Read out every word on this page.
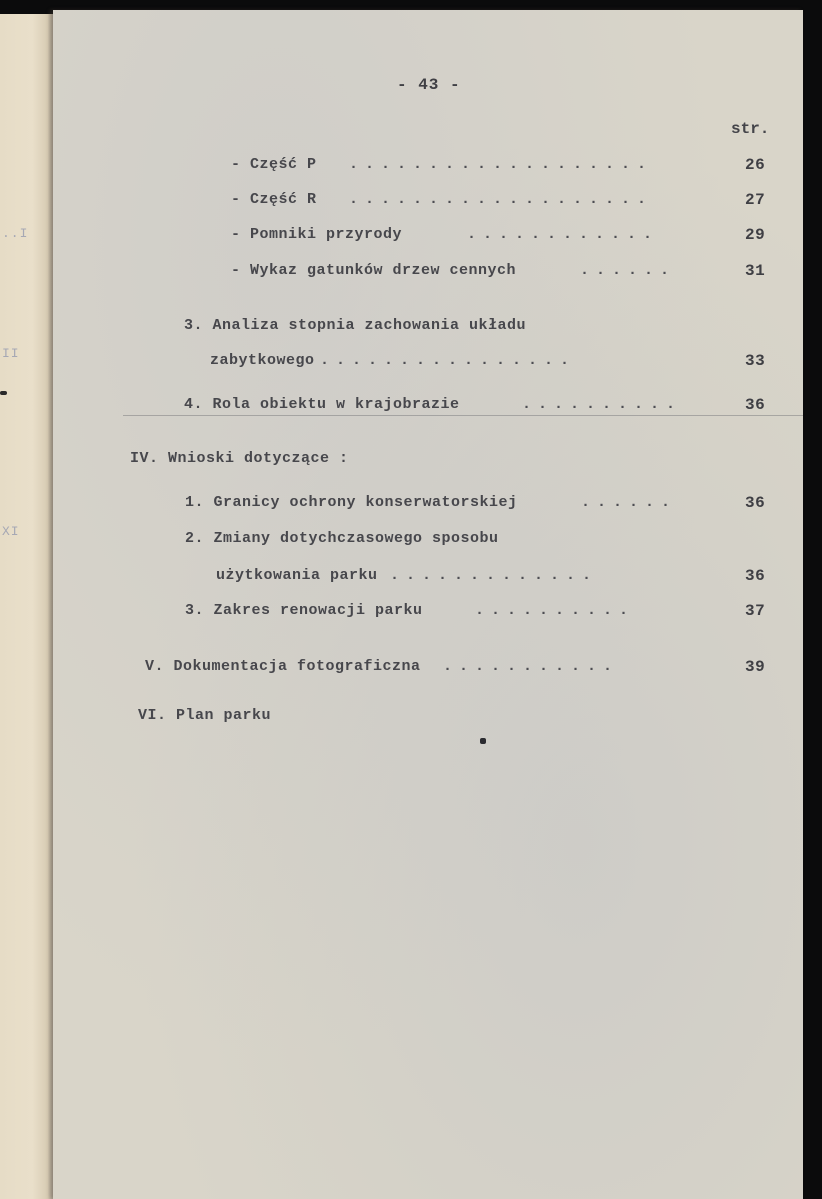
..I
II
XI
- 43 -
str.
- Część P ...................	26
- Część R ...................	27
- Pomniki przyrody	............	29
- Wykaz gatunków drzew cennych	......	31
3. Analiza stopnia zachowania układu
zabytkowego ................	33
4. Rola obiektu w krajobrazie	..........	36
IV. Wnioski dotyczące :
1. Granicy ochrony konserwatorskiej	......	36
2. Zmiany dotychczasowego sposobu
użytkowania parku .............	36
3. Zakres renowacji parku	..........	37
V. Dokumentacja fotograficzna ...........	39
VI. Plan parku
